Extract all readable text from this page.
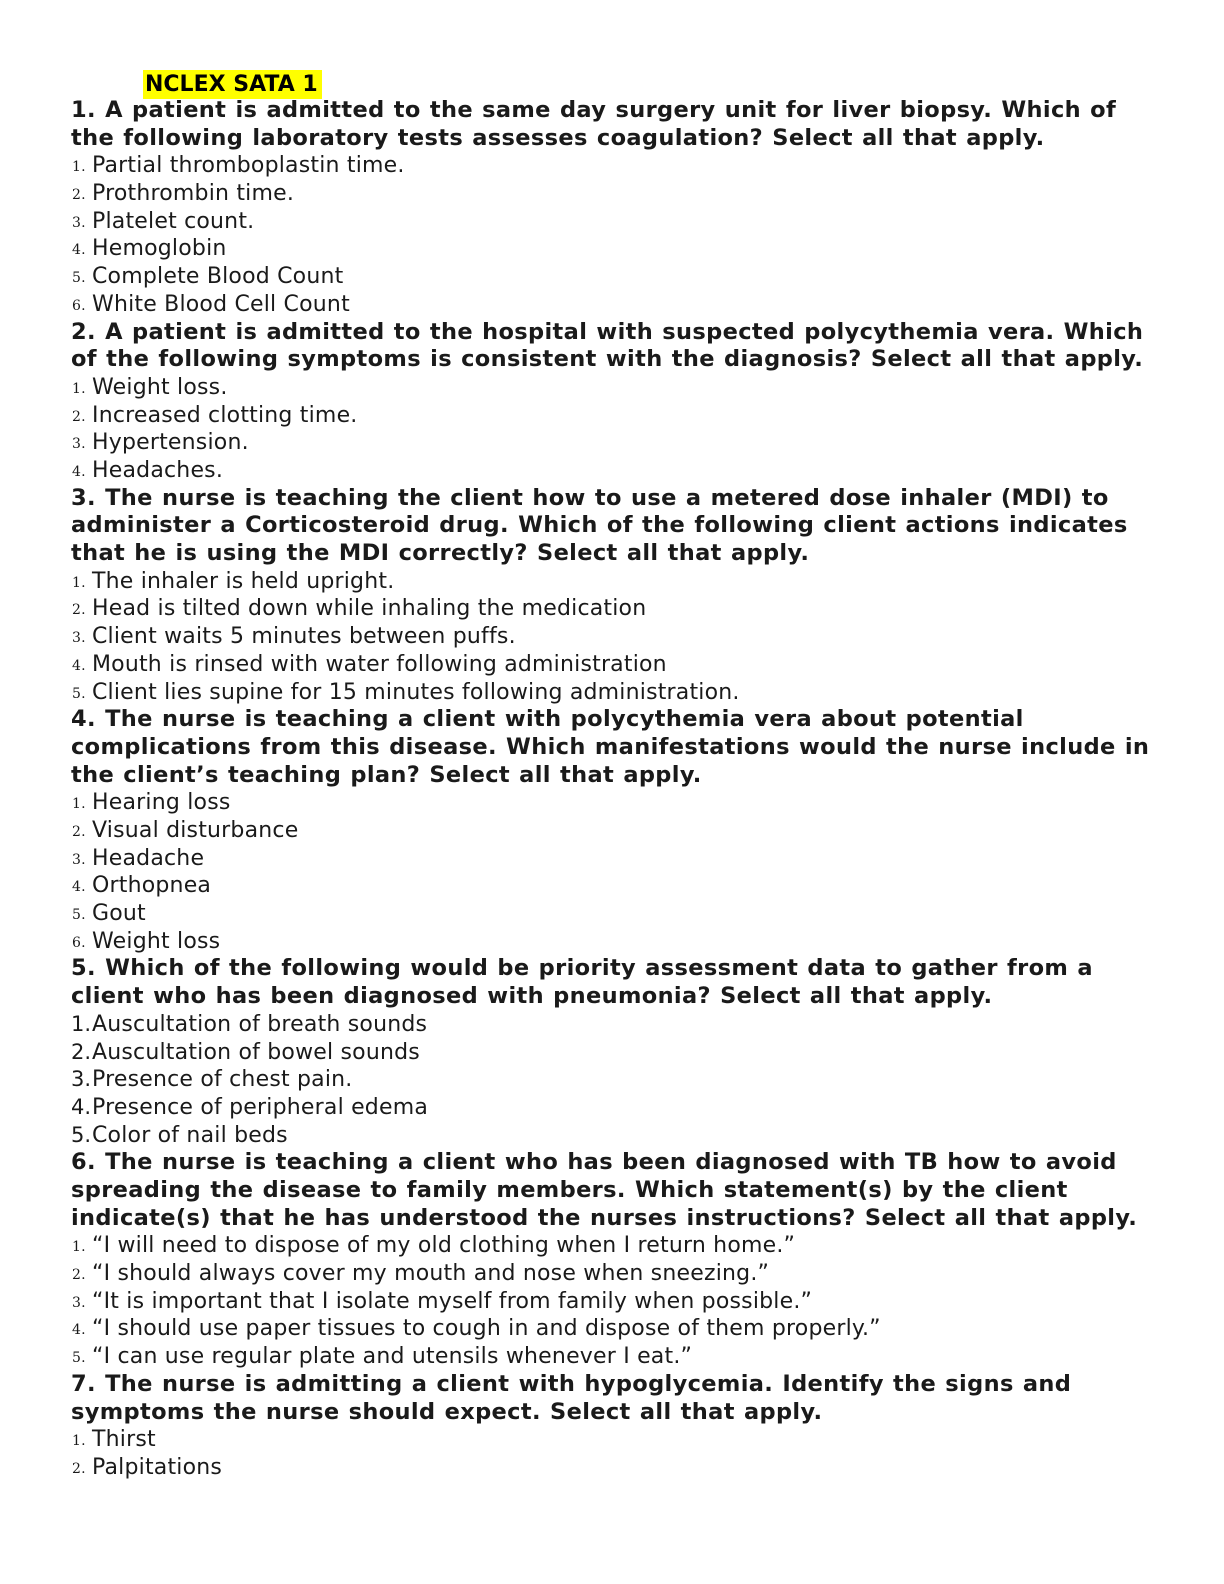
NCLEX SATA 1
1. A patient is admitted to the same day surgery unit for liver biopsy. Which of the following laboratory tests assesses coagulation? Select all that apply.
1. Partial thromboplastin time.
2. Prothrombin time.
3. Platelet count.
4. Hemoglobin
5. Complete Blood Count
6. White Blood Cell Count
2. A patient is admitted to the hospital with suspected polycythemia vera. Which of the following symptoms is consistent with the diagnosis? Select all that apply.
1. Weight loss.
2. Increased clotting time.
3. Hypertension.
4. Headaches.
3. The nurse is teaching the client how to use a metered dose inhaler (MDI) to administer a Corticosteroid drug. Which of the following client actions indicates that he is using the MDI correctly? Select all that apply.
1. The inhaler is held upright.
2. Head is tilted down while inhaling the medication
3. Client waits 5 minutes between puffs.
4. Mouth is rinsed with water following administration
5. Client lies supine for 15 minutes following administration.
4. The nurse is teaching a client with polycythemia vera about potential complications from this disease. Which manifestations would the nurse include in the client’s teaching plan? Select all that apply.
1. Hearing loss
2. Visual disturbance
3. Headache
4. Orthopnea
5. Gout
6. Weight loss
5. Which of the following would be priority assessment data to gather from a client who has been diagnosed with pneumonia? Select all that apply.
1. Auscultation of breath sounds
2. Auscultation of bowel sounds
3. Presence of chest pain.
4. Presence of peripheral edema
5. Color of nail beds
6. The nurse is teaching a client who has been diagnosed with TB how to avoid spreading the disease to family members. Which statement(s) by the client indicate(s) that he has understood the nurses instructions? Select all that apply.
1. “I will need to dispose of my old clothing when I return home.”
2. “I should always cover my mouth and nose when sneezing.”
3. “It is important that I isolate myself from family when possible.”
4. “I should use paper tissues to cough in and dispose of them properly.”
5. “I can use regular plate and utensils whenever I eat.”
7. The nurse is admitting a client with hypoglycemia. Identify the signs and symptoms the nurse should expect. Select all that apply.
1. Thirst
2. Palpitations
